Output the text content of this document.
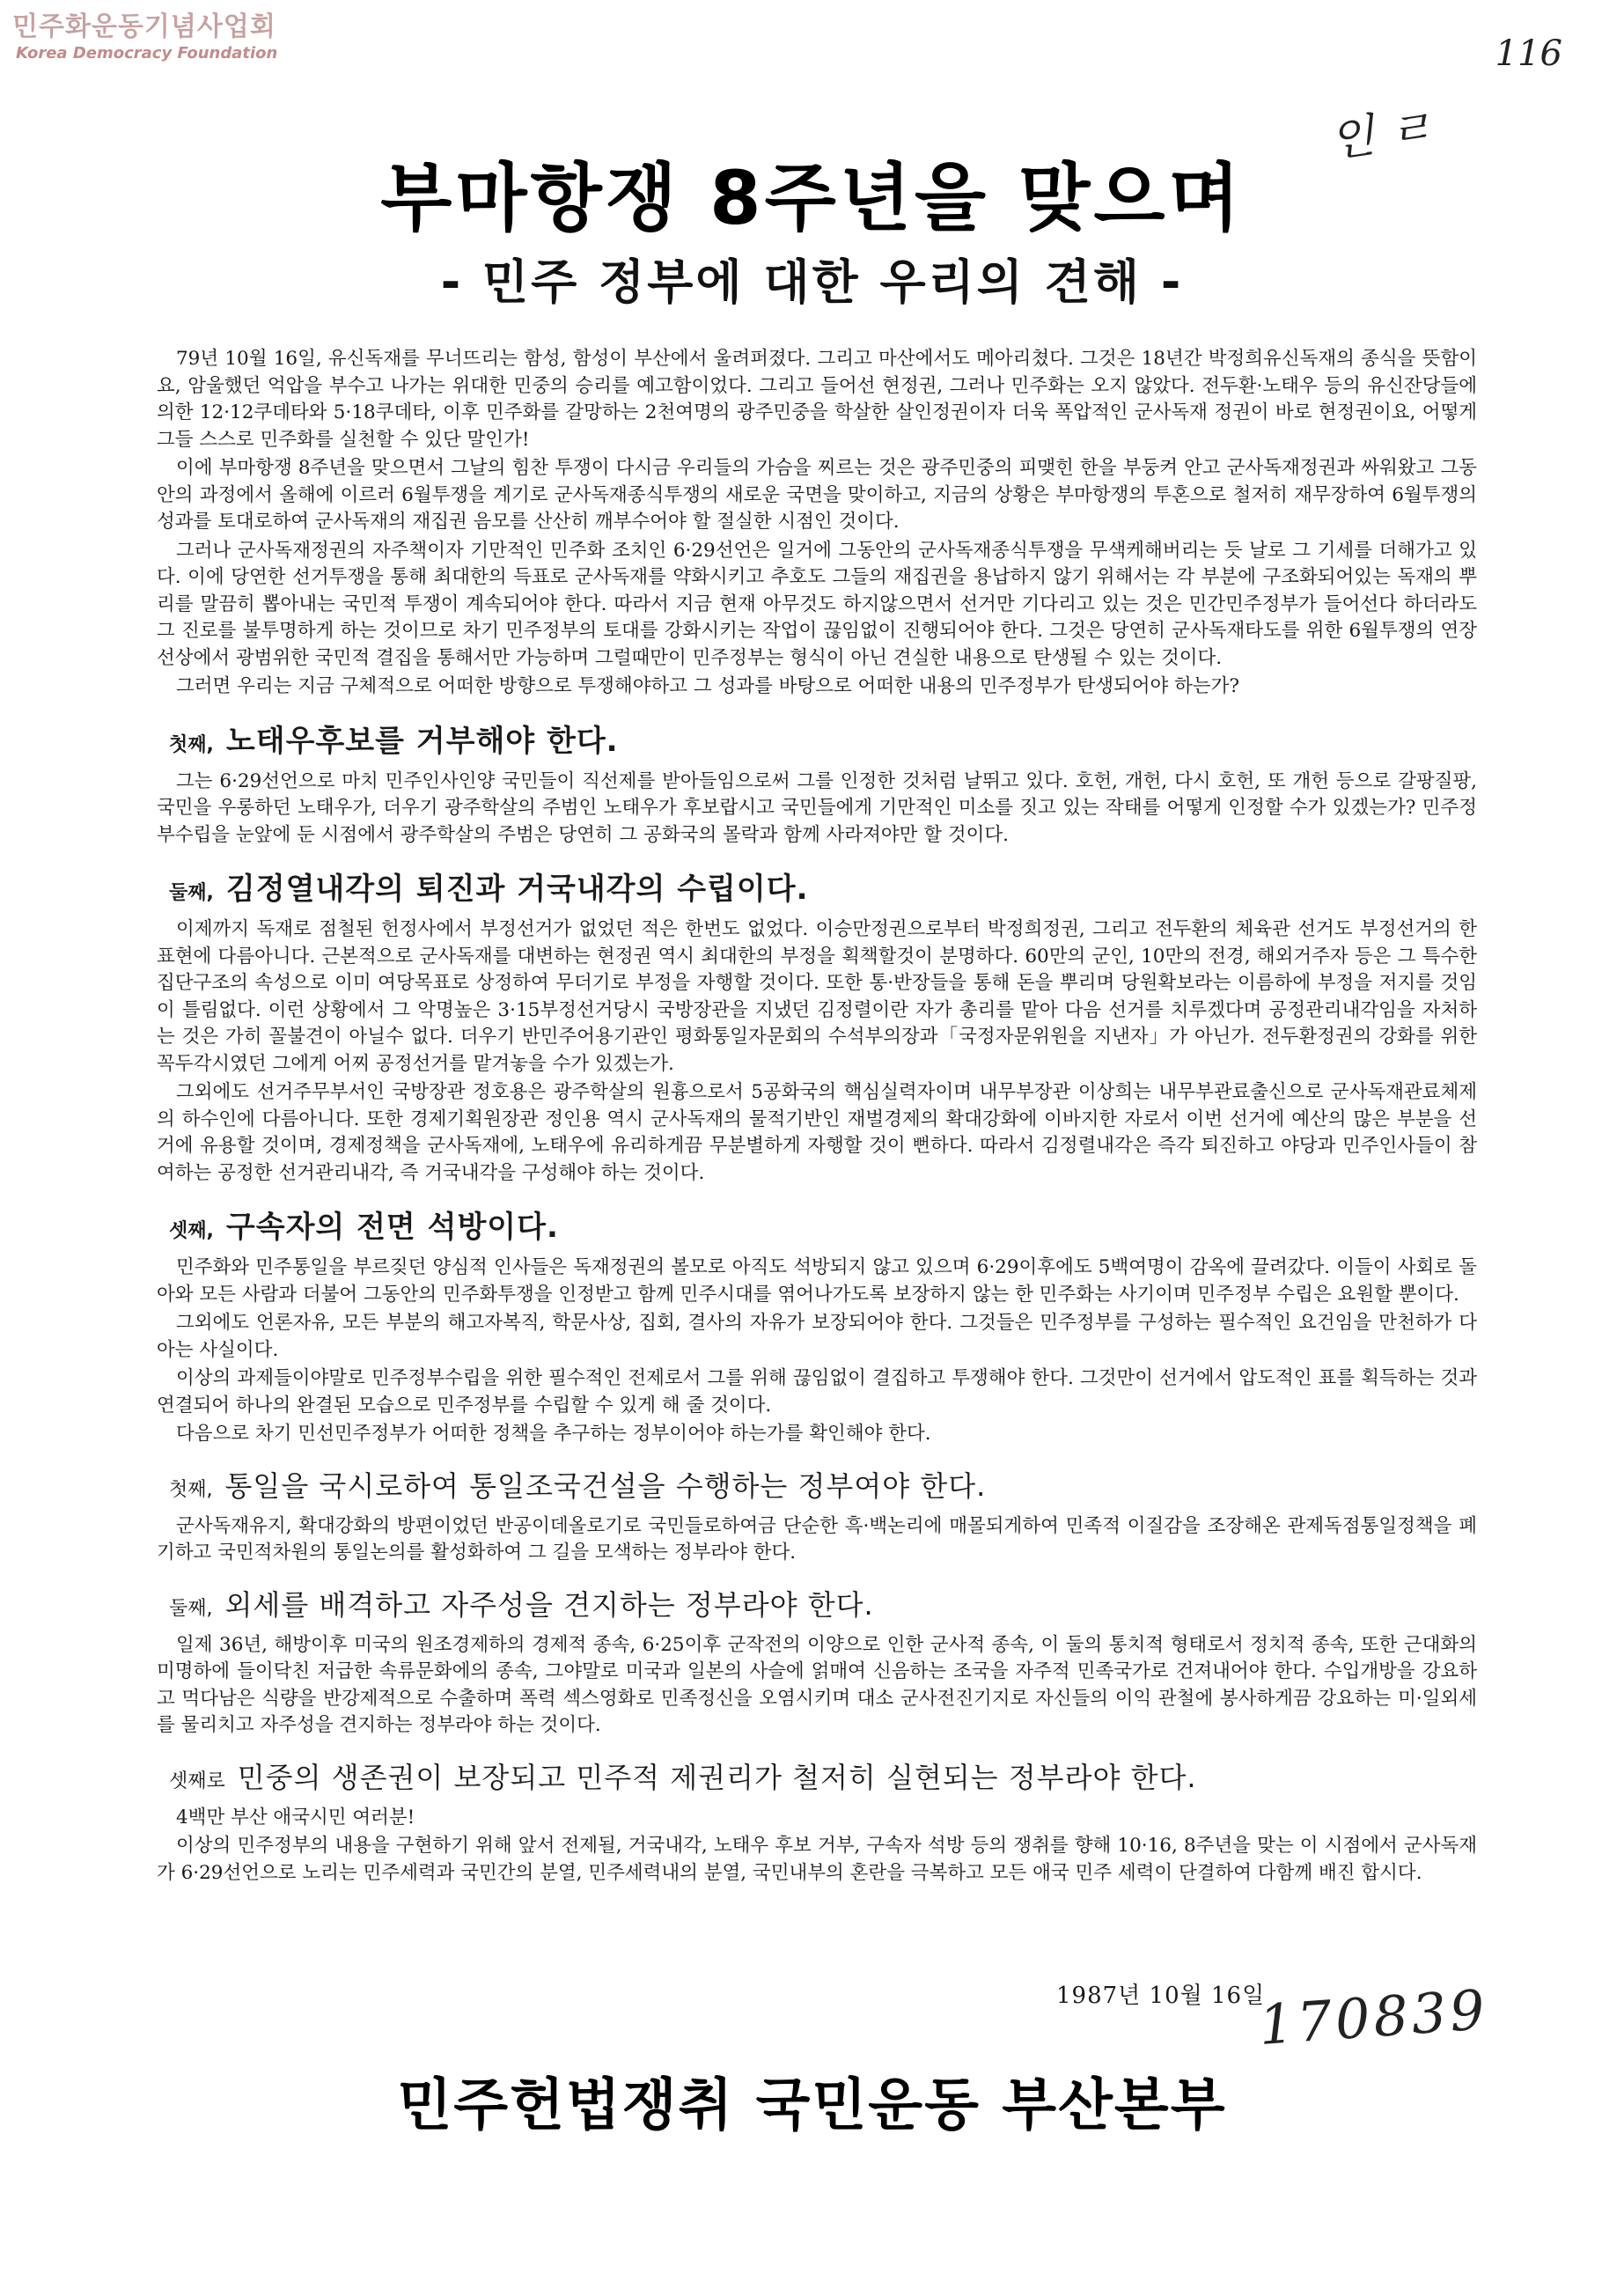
민주화운동기념사업회
Korea Democracy Foundation	116
인 ㄹ
부마항쟁 8주년을 맞으며
- 민주 정부에 대한 우리의 견해 -

79년 10월 16일, 유신독재를 무너뜨리는 함성, 함성이 부산에서 울려퍼졌다. 그리고 마산에서도 메아리쳤다. 그것은 18년간 박정희유신독재의 종식을 뜻함이요, 암울했던 억압을 부수고 나가는 위대한 민중의 승리를 예고함이었다. 그리고 들어선 현정권, 그러나 민주화는 오지 않았다. 전두환·노태우 등의 유신잔당들에 의한 12·12쿠데타와 5·18쿠데타, 이후 민주화를 갈망하는 2천여명의 광주민중을 학살한 살인정권이자 더욱 폭압적인 군사독재 정권이 바로 현정권이요, 어떻게 그들 스스로 민주화를 실천할 수 있단 말인가!

이에 부마항쟁 8주년을 맞으면서 그날의 힘찬 투쟁이 다시금 우리들의 가슴을 찌르는 것은 광주민중의 피맺힌 한을 부둥켜 안고 군사독재정권과 싸워왔고 그동안의 과정에서 올해에 이르러 6월투쟁을 계기로 군사독재종식투쟁의 새로운 국면을 맞이하고, 지금의 상황은 부마항쟁의 투혼으로 철저히 재무장하여 6월투쟁의 성과를 토대로하여 군사독재의 재집권 음모를 산산히 깨부수어야 할 절실한 시점인 것이다.

그러나 군사독재정권의 자주책이자 기만적인 민주화 조치인 6·29선언은 일거에 그동안의 군사독재종식투쟁을 무색케해버리는 듯 날로 그 기세를 더해가고 있다. 이에 당연한 선거투쟁을 통해 최대한의 득표로 군사독재를 약화시키고 추호도 그들의 재집권을 용납하지 않기 위해서는 각 부분에 구조화되어있는 독재의 뿌리를 말끔히 뽑아내는 국민적 투쟁이 계속되어야 한다. 따라서 지금 현재 아무것도 하지않으면서 선거만 기다리고 있는 것은 민간민주정부가 들어선다 하더라도 그 진로를 불투명하게 하는 것이므로 차기 민주정부의 토대를 강화시키는 작업이 끊임없이 진행되어야 한다. 그것은 당연히 군사독재타도를 위한 6월투쟁의 연장선상에서 광범위한 국민적 결집을 통해서만 가능하며 그럴때만이 민주정부는 형식이 아닌 견실한 내용으로 탄생될 수 있는 것이다.

그러면 우리는 지금 구체적으로 어떠한 방향으로 투쟁해야하고 그 성과를 바탕으로 어떠한 내용의 민주정부가 탄생되어야 하는가?

첫째, 노태우후보를 거부해야 한다.

그는 6·29선언으로 마치 민주인사인양 국민들이 직선제를 받아들임으로써 그를 인정한 것처럼 날뛰고 있다. 호헌, 개헌, 다시 호헌, 또 개헌 등으로 갈팡질팡, 국민을 우롱하던 노태우가, 더우기 광주학살의 주범인 노태우가 후보랍시고 국민들에게 기만적인 미소를 짓고 있는 작태를 어떻게 인정할 수가 있겠는가? 민주정부수립을 눈앞에 둔 시점에서 광주학살의 주범은 당연히 그 공화국의 몰락과 함께 사라져야만 할 것이다.

둘째, 김정열내각의 퇴진과 거국내각의 수립이다.

이제까지 독재로 점철된 헌정사에서 부정선거가 없었던 적은 한번도 없었다. 이승만정권으로부터 박정희정권, 그리고 전두환의 체육관 선거도 부정선거의 한 표현에 다름아니다. 근본적으로 군사독재를 대변하는 현정권 역시 최대한의 부정을 획책할것이 분명하다. 60만의 군인, 10만의 전경, 해외거주자 등은 그 특수한 집단구조의 속성으로 이미 여당목표로 상정하여 무더기로 부정을 자행할 것이다. 또한 통·반장들을 통해 돈을 뿌리며 당원확보라는 이름하에 부정을 저지를 것임이 틀림없다. 이런 상황에서 그 악명높은 3·15부정선거당시 국방장관을 지냈던 김정렬이란 자가 총리를 맡아 다음 선거를 치루겠다며 공정관리내각임을 자처하는 것은 가히 꼴불견이 아닐수 없다. 더우기 반민주어용기관인 평화통일자문회의 수석부의장과「국정자문위원을 지낸자」가 아닌가. 전두환정권의 강화를 위한 꼭두각시였던 그에게 어찌 공정선거를 맡겨놓을 수가 있겠는가.

그외에도 선거주무부서인 국방장관 정호용은 광주학살의 원흉으로서 5공화국의 핵심실력자이며 내무부장관 이상희는 내무부관료출신으로 군사독재관료체제의 하수인에 다름아니다. 또한 경제기획원장관 정인용 역시 군사독재의 물적기반인 재벌경제의 확대강화에 이바지한 자로서 이번 선거에 예산의 많은 부분을 선거에 유용할 것이며, 경제정책을 군사독재에, 노태우에 유리하게끔 무분별하게 자행할 것이 뻔하다. 따라서 김정렬내각은 즉각 퇴진하고 야당과 민주인사들이 참여하는 공정한 선거관리내각, 즉 거국내각을 구성해야 하는 것이다.

셋째, 구속자의 전면 석방이다.

민주화와 민주통일을 부르짖던 양심적 인사들은 독재정권의 볼모로 아직도 석방되지 않고 있으며 6·29이후에도 5백여명이 감옥에 끌려갔다. 이들이 사회로 돌아와 모든 사람과 더불어 그동안의 민주화투쟁을 인정받고 함께 민주시대를 엮어나가도록 보장하지 않는 한 민주화는 사기이며 민주정부 수립은 요원할 뿐이다.

그외에도 언론자유, 모든 부분의 해고자복직, 학문사상, 집회, 결사의 자유가 보장되어야 한다. 그것들은 민주정부를 구성하는 필수적인 요건임을 만천하가 다 아는 사실이다.

이상의 과제들이야말로 민주정부수립을 위한 필수적인 전제로서 그를 위해 끊임없이 결집하고 투쟁해야 한다. 그것만이 선거에서 압도적인 표를 획득하는 것과 연결되어 하나의 완결된 모습으로 민주정부를 수립할 수 있게 해 줄 것이다.

다음으로 차기 민선민주정부가 어떠한 정책을 추구하는 정부이어야 하는가를 확인해야 한다.

첫째, 통일을 국시로하여 통일조국건설을 수행하는 정부여야 한다.

군사독재유지, 확대강화의 방편이었던 반공이데올로기로 국민들로하여금 단순한 흑·백논리에 매몰되게하여 민족적 이질감을 조장해온 관제독점통일정책을 폐기하고 국민적차원의 통일논의를 활성화하여 그 길을 모색하는 정부라야 한다.

둘째, 외세를 배격하고 자주성을 견지하는 정부라야 한다.

일제 36년, 해방이후 미국의 원조경제하의 경제적 종속, 6·25이후 군작전의 이양으로 인한 군사적 종속, 이 둘의 통치적 형태로서 정치적 종속, 또한 근대화의 미명하에 들이닥친 저급한 속류문화에의 종속, 그야말로 미국과 일본의 사슬에 얽매여 신음하는 조국을 자주적 민족국가로 건져내어야 한다. 수입개방을 강요하고 먹다남은 식량을 반강제적으로 수출하며 폭력 섹스영화로 민족정신을 오염시키며 대소 군사전진기지로 자신들의 이익 관철에 봉사하게끔 강요하는 미·일외세를 물리치고 자주성을 견지하는 정부라야 하는 것이다.

셋째로 민중의 생존권이 보장되고 민주적 제권리가 철저히 실현되는 정부라야 한다.

4백만 부산 애국시민 여러분!

이상의 민주정부의 내용을 구현하기 위해 앞서 전제될, 거국내각, 노태우 후보 거부, 구속자 석방 등의 쟁취를 향해 10·16, 8주년을 맞는 이 시점에서 군사독재가 6·29선언으로 노리는 민주세력과 국민간의 분열, 민주세력내의 분열, 국민내부의 혼란을 극복하고 모든 애국 민주 세력이 단결하여 다함께 배진 합시다.

1987년 10월 16일
170839
민주헌법쟁취 국민운동 부산본부
